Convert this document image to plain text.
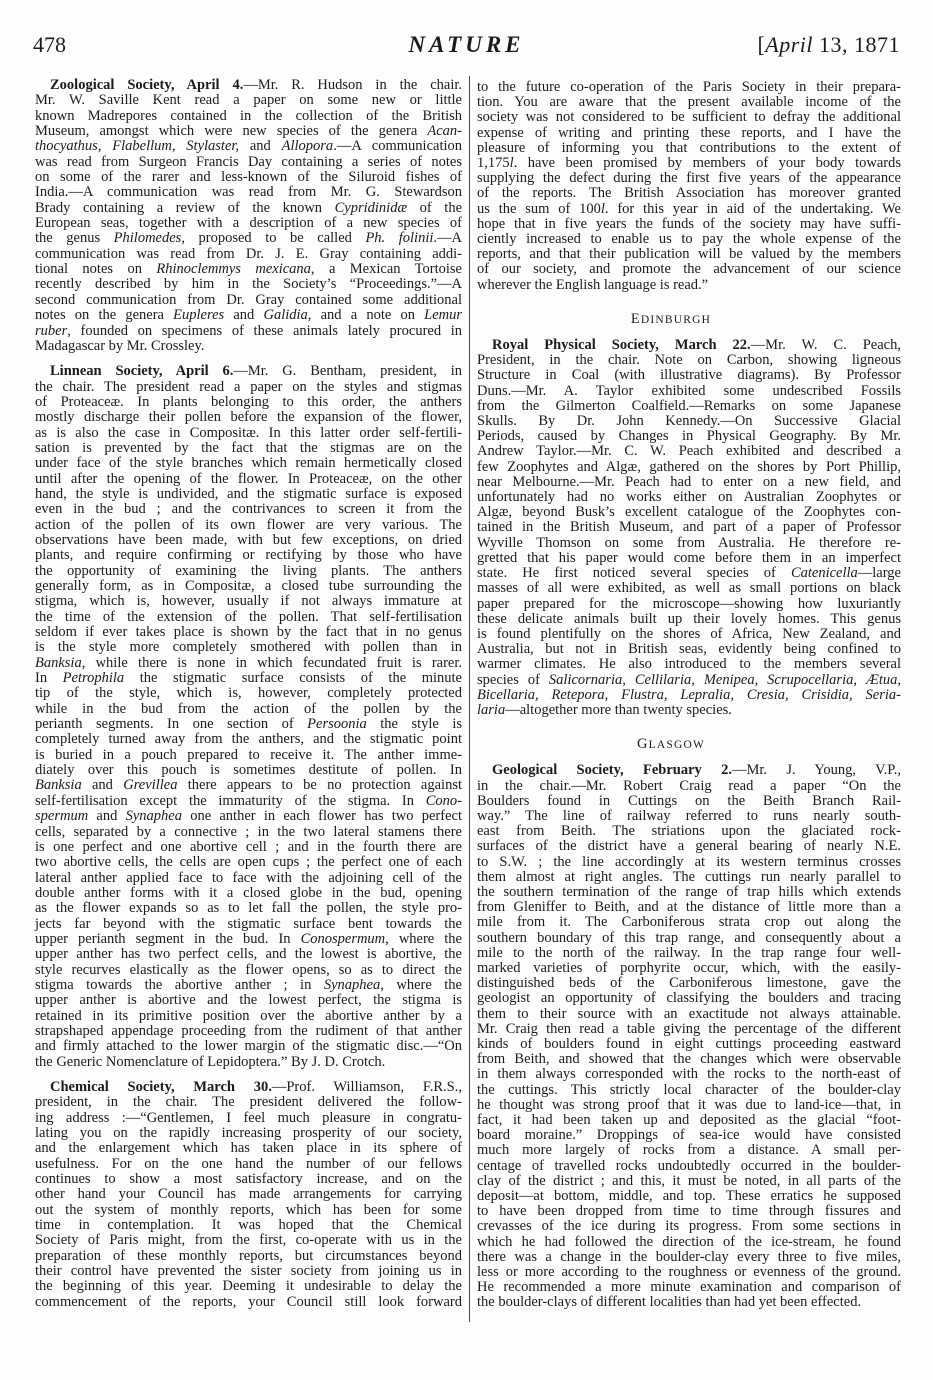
478	NATURE	[April 13, 1871
Zoological Society, April 4.—Mr. R. Hudson in the chair.
Mr. W. Saville Kent read a paper on some new or little
known Madrepores contained in the collection of the British
Museum, amongst which were new species of the genera Acan-
thocyathus, Flabellum, Stylaster, and Allopora.—A communication
was read from Surgeon Francis Day containing a series of notes
on some of the rarer and less-known of the Siluroid fishes of
India.—A communication was read from Mr. G. Stewardson
Brady containing a review of the known Cypridinidæ of the
European seas, together with a description of a new species of
the genus Philomedes, proposed to be called Ph. folinii.—A
communication was read from Dr. J. E. Gray containing addi-
tional notes on Rhinoclemmys mexicana, a Mexican Tortoise
recently described by him in the Society’s “Proceedings.”—A
second communication from Dr. Gray contained some additional
notes on the genera Eupleres and Galidia, and a note on Lemur
ruber, founded on specimens of these animals lately procured in
Madagascar by Mr. Crossley.
Linnean Society, April 6.—Mr. G. Bentham, president, in
the chair. The president read a paper on the styles and stigmas
of Proteaceæ. In plants belonging to this order, the anthers
mostly discharge their pollen before the expansion of the flower,
as is also the case in Compositæ. In this latter order self-fertili-
sation is prevented by the fact that the stigmas are on the
under face of the style branches which remain hermetically closed
until after the opening of the flower. In Proteaceæ, on the other
hand, the style is undivided, and the stigmatic surface is exposed
even in the bud ; and the contrivances to screen it from the
action of the pollen of its own flower are very various. The
observations have been made, with but few exceptions, on dried
plants, and require confirming or rectifying by those who have
the opportunity of examining the living plants. The anthers
generally form, as in Compositæ, a closed tube surrounding the
stigma, which is, however, usually if not always immature at
the time of the extension of the pollen. That self-fertilisation
seldom if ever takes place is shown by the fact that in no genus
is the style more completely smothered with pollen than in
Banksia, while there is none in which fecundated fruit is rarer.
In Petrophila the stigmatic surface consists of the minute
tip of the style, which is, however, completely protected
while in the bud from the action of the pollen by the
perianth segments. In one section of Persoonia the style is
completely turned away from the anthers, and the stigmatic point
is buried in a pouch prepared to receive it. The anther imme-
diately over this pouch is sometimes destitute of pollen. In
Banksia and Grevillea there appears to be no protection against
self-fertilisation except the immaturity of the stigma. In Cono-
spermum and Synaphea one anther in each flower has two perfect
cells, separated by a connective ; in the two lateral stamens there
is one perfect and one abortive cell ; and in the fourth there are
two abortive cells, the cells are open cups ; the perfect one of each
lateral anther applied face to face with the adjoining cell of the
double anther forms with it a closed globe in the bud, opening
as the flower expands so as to let fall the pollen, the style pro-
jects far beyond with the stigmatic surface bent towards the
upper perianth segment in the bud. In Conospermum, where the
upper anther has two perfect cells, and the lowest is abortive, the
style recurves elastically as the flower opens, so as to direct the
stigma towards the abortive anther ; in Synaphea, where the
upper anther is abortive and the lowest perfect, the stigma is
retained in its primitive position over the abortive anther by a
strapshaped appendage proceeding from the rudiment of that anther
and firmly attached to the lower margin of the stigmatic disc.—“On
the Generic Nomenclature of Lepidoptera.” By J. D. Crotch.
Chemical Society, March 30.—Prof. Williamson, F.R.S.,
president, in the chair. The president delivered the follow-
ing address :—“Gentlemen, I feel much pleasure in congratu-
lating you on the rapidly increasing prosperity of our society,
and the enlargement which has taken place in its sphere of
usefulness. For on the one hand the number of our fellows
continues to show a most satisfactory increase, and on the
other hand your Council has made arrangements for carrying
out the system of monthly reports, which has been for some
time in contemplation. It was hoped that the Chemical
Society of Paris might, from the first, co-operate with us in the
preparation of these monthly reports, but circumstances beyond
their control have prevented the sister society from joining us in
the beginning of this year. Deeming it undesirable to delay the
commencement of the reports, your Council still look forward
to the future co-operation of the Paris Society in their prepara-
tion. You are aware that the present available income of the
society was not considered to be sufficient to defray the additional
expense of writing and printing these reports, and I have the
pleasure of informing you that contributions to the extent of
1,175l. have been promised by members of your body towards
supplying the defect during the first five years of the appearance
of the reports. The British Association has moreover granted
us the sum of 100l. for this year in aid of the undertaking. We
hope that in five years the funds of the society may have suffi-
ciently increased to enable us to pay the whole expense of the
reports, and that their publication will be valued by the members
of our society, and promote the advancement of our science
wherever the English language is read.”
EDINBURGH
Royal Physical Society, March 22.—Mr. W. C. Peach,
President, in the chair. Note on Carbon, showing ligneous
Structure in Coal (with illustrative diagrams). By Professor
Duns.—Mr. A. Taylor exhibited some undescribed Fossils
from the Gilmerton Coalfield.—Remarks on some Japanese
Skulls. By Dr. John Kennedy.—On Successive Glacial
Periods, caused by Changes in Physical Geography. By Mr.
Andrew Taylor.—Mr. C. W. Peach exhibited and described a
few Zoophytes and Algæ, gathered on the shores by Port Phillip,
near Melbourne.—Mr. Peach had to enter on a new field, and
unfortunately had no works either on Australian Zoophytes or
Algæ, beyond Busk’s excellent catalogue of the Zoophytes con-
tained in the British Museum, and part of a paper of Professor
Wyville Thomson on some from Australia. He therefore re-
gretted that his paper would come before them in an imperfect
state. He first noticed several species of Catenicella—large
masses of all were exhibited, as well as small portions on black
paper prepared for the microscope—showing how luxuriantly
these delicate animals built up their lovely homes. This genus
is found plentifully on the shores of Africa, New Zealand, and
Australia, but not in British seas, evidently being confined to
warmer climates. He also introduced to the members several
species of Salicornaria, Cellilaria, Menipea, Scrupocellaria, Ætua,
Bicellaria, Retepora, Flustra, Lepralia, Cresia, Crisidia, Seria-
laria—altogether more than twenty species.
GLASGOW
Geological Society, February 2.—Mr. J. Young, V.P.,
in the chair.—Mr. Robert Craig read a paper “On the
Boulders found in Cuttings on the Beith Branch Rail-
way.” The line of railway referred to runs nearly south-
east from Beith. The striations upon the glaciated rock-
surfaces of the district have a general bearing of nearly N.E.
to S.W. ; the line accordingly at its western terminus crosses
them almost at right angles. The cuttings run nearly parallel to
the southern termination of the range of trap hills which extends
from Gleniffer to Beith, and at the distance of little more than a
mile from it. The Carboniferous strata crop out along the
southern boundary of this trap range, and consequently about a
mile to the north of the railway. In the trap range four well-
marked varieties of porphyrite occur, which, with the easily-
distinguished beds of the Carboniferous limestone, gave the
geologist an opportunity of classifying the boulders and tracing
them to their source with an exactitude not always attainable.
Mr. Craig then read a table giving the percentage of the different
kinds of boulders found in eight cuttings proceeding eastward
from Beith, and showed that the changes which were observable
in them always corresponded with the rocks to the north-east of
the cuttings. This strictly local character of the boulder-clay
he thought was strong proof that it was due to land-ice—that, in
fact, it had been taken up and deposited as the glacial “foot-
board moraine.” Droppings of sea-ice would have consisted
much more largely of rocks from a distance. A small per-
centage of travelled rocks undoubtedly occurred in the boulder-
clay of the district ; and this, it must be noted, in all parts of the
deposit—at bottom, middle, and top. These erratics he supposed
to have been dropped from time to time through fissures and
crevasses of the ice during its progress. From some sections in
which he had followed the direction of the ice-stream, he found
there was a change in the boulder-clay every three to five miles,
less or more according to the roughness or evenness of the ground.
He recommended a more minute examination and comparison of
the boulder-clays of different localities than had yet been effected.
